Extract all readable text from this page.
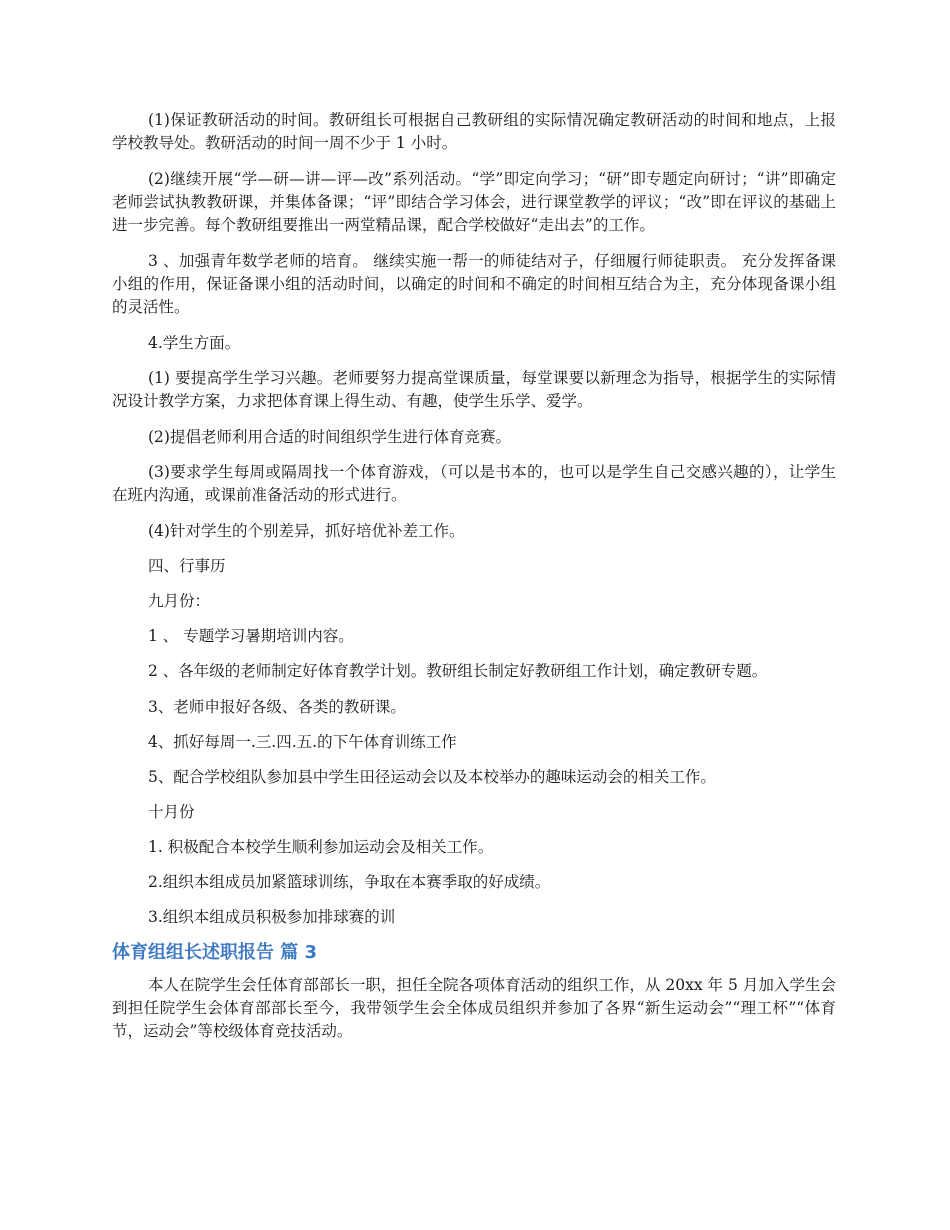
(1)保证教研活动的时间。教研组长可根据自己教研组的实际情况确定教研活动的时间和地点，上报学校教导处。教研活动的时间一周不少于 1 小时。

(2)继续开展“学—研—讲—评—改”系列活动。“学”即定向学习；“研”即专题定向研讨；“讲”即确定老师尝试执教教研课，并集体备课；“评”即结合学习体会，进行课堂教学的评议；“改”即在评议的基础上进一步完善。每个教研组要推出一两堂精品课，配合学校做好“走出去”的工作。

3 、加强青年数学老师的培育。 继续实施一帮一的师徒结对子，仔细履行师徒职责。 充分发挥备课小组的作用，保证备课小组的活动时间，以确定的时间和不确定的时间相互结合为主，充分体现备课小组的灵活性。

4.学生方面。

(1) 要提高学生学习兴趣。老师要努力提高堂课质量，每堂课要以新理念为指导，根据学生的实际情况设计教学方案，力求把体育课上得生动、有趣，使学生乐学、爱学。

(2)提倡老师利用合适的时间组织学生进行体育竞赛。

(3)要求学生每周或隔周找一个体育游戏，（可以是书本的，也可以是学生自己交感兴趣的），让学生在班内沟通，或课前准备活动的形式进行。

(4)针对学生的个别差异，抓好培优补差工作。

四、行事历

九月份：

1 、 专题学习暑期培训内容。

2 、各年级的老师制定好体育教学计划。教研组长制定好教研组工作计划，确定教研专题。

3、老师申报好各级、各类的教研课。

4、抓好每周一.三.四.五.的下午体育训练工作

5、配合学校组队参加县中学生田径运动会以及本校举办的趣味运动会的相关工作。

十月份

1. 积极配合本校学生顺利参加运动会及相关工作。

2.组织本组成员加紧篮球训练，争取在本赛季取的好成绩。

3.组织本组成员积极参加排球赛的训

体育组组长述职报告 篇 3

本人在院学生会任体育部部长一职，担任全院各项体育活动的组织工作，从 20xx 年 5 月加入学生会到担任院学生会体育部部长至今，我带领学生会全体成员组织并参加了各界“新生运动会”“理工杯”“体育节，运动会”等校级体育竞技活动。
